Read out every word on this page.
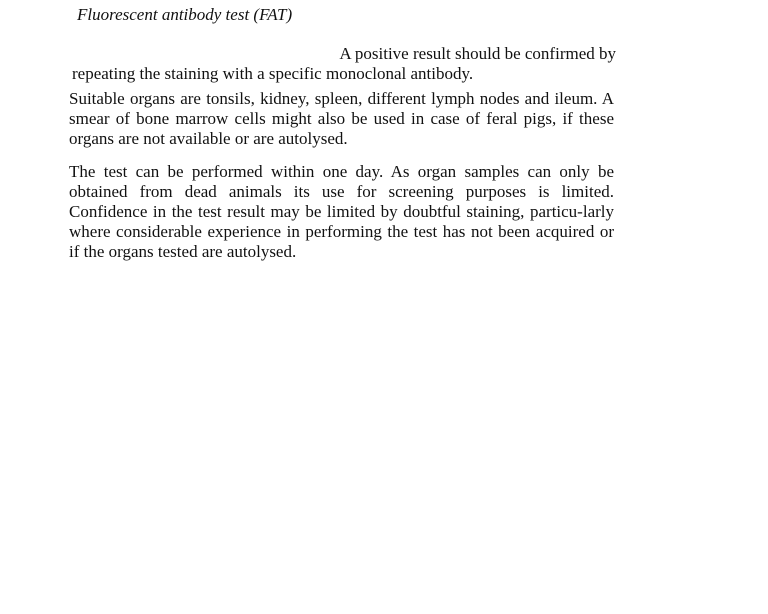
Fluorescent antibody test (FAT)
A positive result should be confirmed by
repeating the staining with a specific monoclonal antibody.

Suitable organs are tonsils, kidney, spleen, different lymph nodes and ileum. A smear of bone marrow cells might also be used in case of feral pigs, if these organs are not available or are autolysed.

The test can be performed within one day. As organ samples can only be obtained from dead animals its use for screening purposes is limited. Confidence in the test result may be limited by doubtful staining, particu-larly where considerable experience in performing the test has not been acquired or if the organs tested are autolysed.
